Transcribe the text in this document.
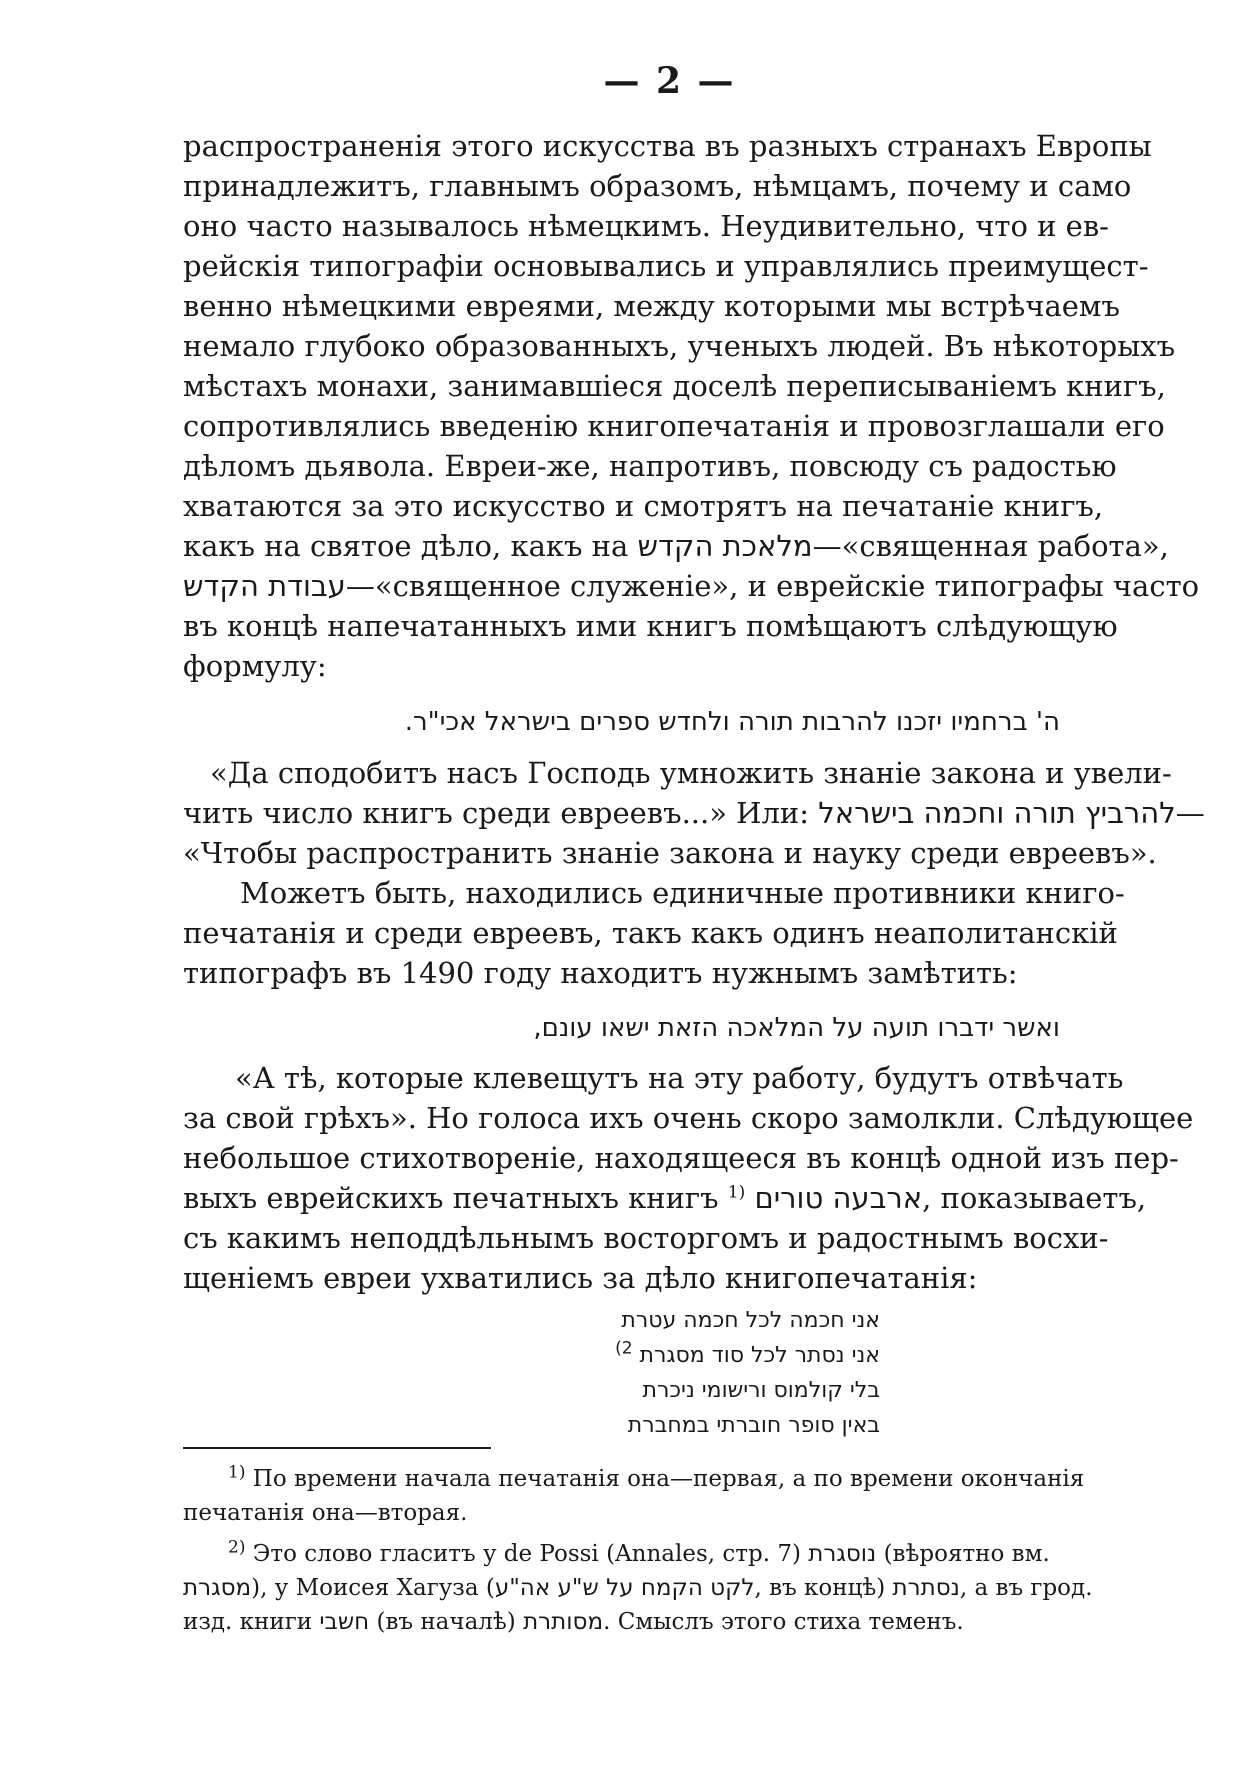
— 2 —
распространенія этого искусства въ разныхъ странахъ Европы
принадлежитъ, главнымъ образомъ, нѣмцамъ, почему и само
оно часто называлось нѣмецкимъ. Неудивительно, что и ев-
рейскія типографіи основывались и управлялись преимущест-
венно нѣмецкими евреями, между которыми мы встрѣчаемъ
немало глубоко образованныхъ, ученыхъ людей. Въ нѣкоторыхъ
мѣстахъ монахи, занимавшіеся доселѣ переписываніемъ книгъ,
сопротивлялись введенію книгопечатанія и провозглашали его
дѣломъ дьявола. Евреи-же, напротивъ, повсюду съ радостью
хватаются за это искусство и смотрятъ на печатаніе книгъ,
какъ на святое дѣло, какъ на מלאכת הקדש—«священная работа»,
עבודת הקדש—«священное служеніе», и еврейскіе типографы часто
въ концѣ напечатанныхъ ими книгъ помѣщаютъ слѣдующую
формулу:
ה' ברחמיו יזכנו להרבות תורה ולחדש ספרים בישראל אכי"ר.
«Да сподобитъ насъ Господь умножить знаніе закона и увели-
чить число книгъ среди евреевъ...» Или: להרביץ תורה וחכמה בישראל—
«Чтобы распространить знаніе закона и науку среди евреевъ».
Можетъ быть, находились единичные противники книго-
печатанія и среди евреевъ, такъ какъ одинъ неаполитанскій
типографъ въ 1490 году находитъ нужнымъ замѣтить:
ואשר ידברו תועה על המלאכה הזאת ישאו עונם,
«А тѣ, которые клевещутъ на эту работу, будутъ отвѣчать
за свой грѣхъ». Но голоса ихъ очень скоро замолкли. Слѣдующее
небольшое стихотвореніе, находящееся въ концѣ одной изъ пер-
выхъ еврейскихъ печатныхъ книгъ $^{1)}$ ארבעה טורים, показываетъ,
съ какимъ неподдѣльнымъ восторгомъ и радостнымъ восхи-
щеніемъ евреи ухватились за дѣло книгопечатанія:
אני חכמה לכל חכמה עטרת
אני נסתר לכל סוד מסגרת $^{2)}$
בלי קולמוס ורישומי ניכרת
באין סופר חוברתי במחברת
$^{1)}$ По времени начала печатанія она—первая, а по времени окончанія
печатанія она—вторая.
$^{2)}$ Это слово гласитъ у de Possi (Annales, стр. 7) נוסגרת (вѣроятно вм.
מסגרת), у Моисея Хагуза (לקט הקמח על ש"ע אה"ע, въ концѣ) נסתרת, а въ грод.
изд. книги חשבי (въ началѣ) מסותרת. Смыслъ этого стиха теменъ.
